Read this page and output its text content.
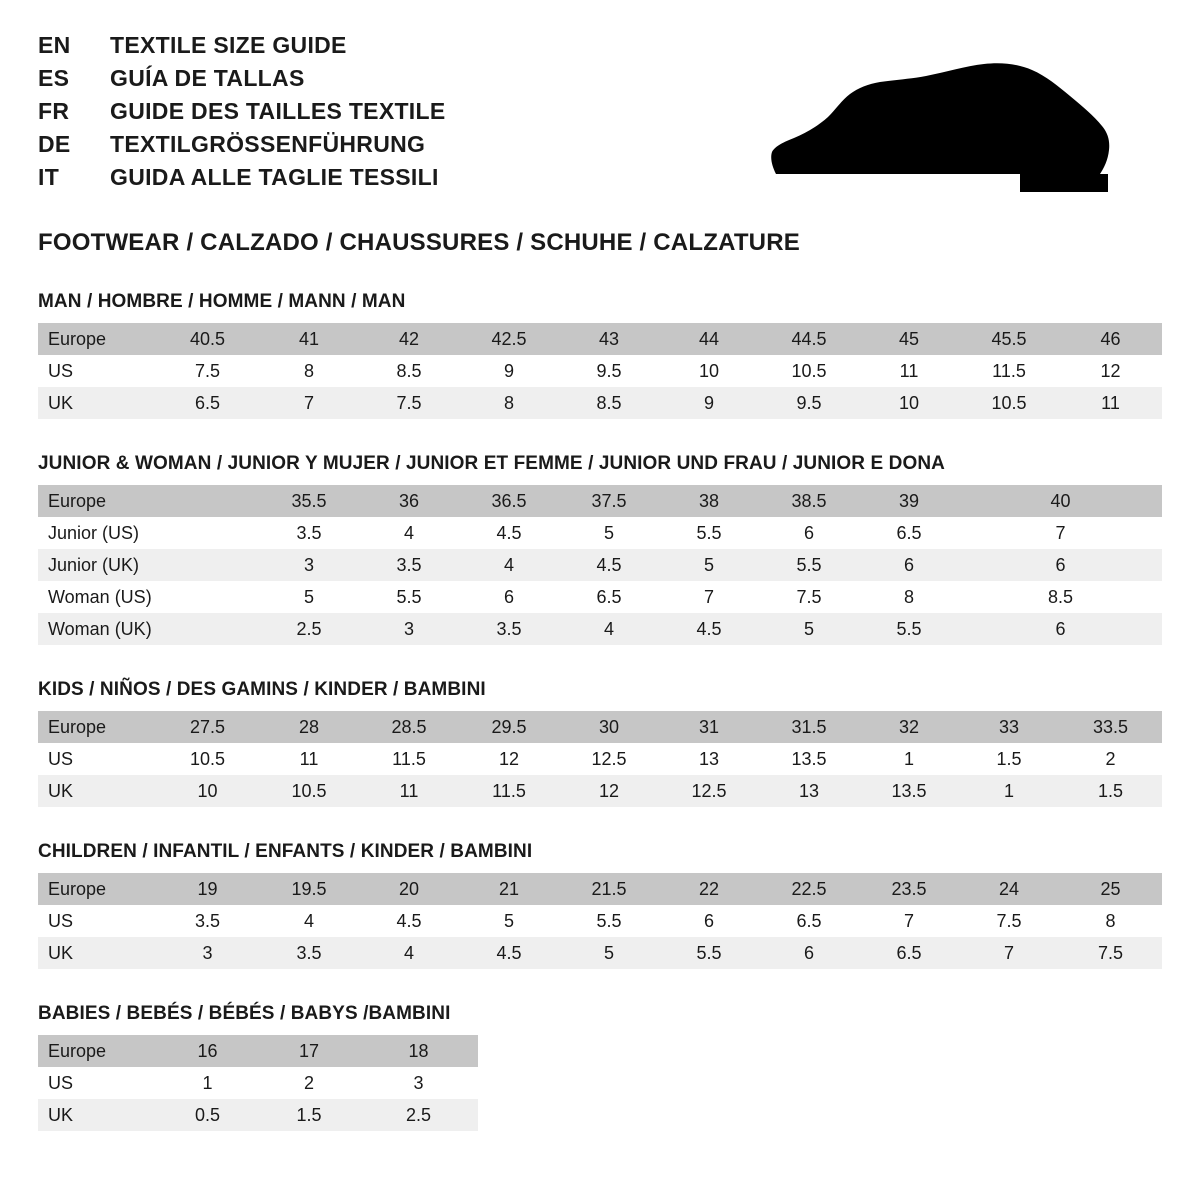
EN	TEXTILE SIZE GUIDE
ES	GUÍA DE TALLAS
FR	GUIDE DES TAILLES TEXTILE
DE	TEXTILGRÖSSENFÜHRUNG
IT	GUIDA ALLE TAGLIE TESSILI
FOOTWEAR / CALZADO / CHAUSSURES / SCHUHE / CALZATURE
MAN / HOMBRE / HOMME / MANN / MAN
Europe	40.5	41	42	42.5	43	44	44.5	45	45.5	46
US	7.5	8	8.5	9	9.5	10	10.5	11	11.5	12
UK	6.5	7	7.5	8	8.5	9	9.5	10	10.5	11
JUNIOR & WOMAN / JUNIOR Y MUJER / JUNIOR ET FEMME / JUNIOR UND FRAU / JUNIOR E DONA
Europe		35.5	36	36.5	37.5	38	38.5	39	40
Junior (US)		3.5	4	4.5	5	5.5	6	6.5	7
Junior (UK)		3	3.5	4	4.5	5	5.5	6	6
Woman (US)		5	5.5	6	6.5	7	7.5	8	8.5
Woman (UK)		2.5	3	3.5	4	4.5	5	5.5	6
KIDS / NIÑOS / DES GAMINS / KINDER / BAMBINI
Europe	27.5	28	28.5	29.5	30	31	31.5	32	33	33.5
US	10.5	11	11.5	12	12.5	13	13.5	1	1.5	2
UK	10	10.5	11	11.5	12	12.5	13	13.5	1	1.5
CHILDREN / INFANTIL / ENFANTS / KINDER / BAMBINI
Europe	19	19.5	20	21	21.5	22	22.5	23.5	24	25
US	3.5	4	4.5	5	5.5	6	6.5	7	7.5	8
UK	3	3.5	4	4.5	5	5.5	6	6.5	7	7.5
BABIES / BEBÉS / BÉBÉS / BABYS /BAMBINI
Europe	16	17	18
US	1	2	3
UK	0.5	1.5	2.5
